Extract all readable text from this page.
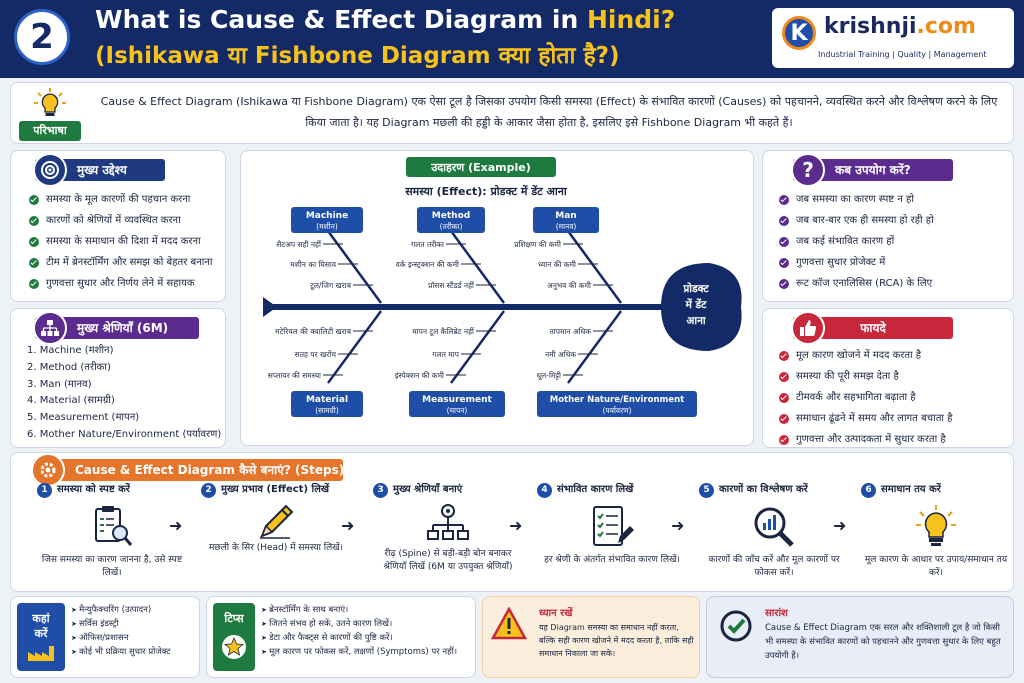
2	What is Cause & Effect Diagram in Hindi?
(Ishikawa या Fishbone Diagram क्या होता है?)
K krishnji.com
Industrial Training | Quality | Management
परिभाषा
Cause & Effect Diagram (Ishikawa या Fishbone Diagram) एक ऐसा टूल है जिसका उपयोग किसी समस्या (Effect) के संभावित कारणों (Causes) को पहचानने, व्यवस्थित करने और विश्लेषण करने के लिए किया जाता है। यह Diagram मछली की हड्डी के आकार जैसा होता है, इसलिए इसे Fishbone Diagram भी कहते हैं।
मुख्य उद्देश्य
समस्या के मूल कारणों की पहचान करना
कारणों को श्रेणियों में व्यवस्थित करना
समस्या के समाधान की दिशा में मदद करना
टीम में ब्रेनस्टॉर्मिंग और समझ को बेहतर बनाना
गुणवत्ता सुधार और निर्णय लेने में सहायक
मुख्य श्रेणियाँ (6M)
1. Machine (मशीन)
2. Method (तरीका)
3. Man (मानव)
4. Material (सामग्री)
5. Measurement (मापन)
6. Mother Nature/Environment (पर्यावरण)
उदाहरण (Example)
समस्या (Effect): प्रोडक्ट में डेंट आना
प्रोडक्ट
में डेंट
आना
Machine
(मशीन)
Method
(तरीका)
Man
(मानव)
Material
(सामग्री)
Measurement
(मापन)
Mother Nature/Environment
(पर्यावरण)
सैटअप सही नहीं
मशीन का घिसाव
टूल/जिग खराब
गलत तरीका
वर्क इन्स्ट्रक्शन की कमी
प्रॉसस स्टैंडर्ड नहीं
प्रशिक्षण की कमी
ध्यान की कमी
अनुभव की कमी
मटेरियल की क्वालिटी खराब
सतह पर खरोंच
सप्लायर की समस्या
मापन टूल कैलिब्रेट नहीं
गलत माप
इंस्पेक्शन की कमी
तापमान अधिक
नमी अधिक
धूल-मिट्टी
?	कब उपयोग करें?
जब समस्या का कारण स्पष्ट न हो
जब बार-बार एक ही समस्या हो रही हो
जब कई संभावित कारण हों
गुणवत्ता सुधार प्रोजेक्ट में
रूट कॉज एनालिसिस (RCA) के लिए
फायदे
मूल कारण खोजने में मदद करता है
समस्या की पूरी समझ देता है
टीमवर्क और सहभागिता बढ़ाता है
समाधान ढूंढने में समय और लागत बचाता है
गुणवत्ता और उत्पादकता में सुधार करता है
Cause & Effect Diagram कैसे बनाएं? (Steps)
1 समस्या को स्पष्ट करें
जिस समस्या का कारण जानना है, उसे स्पष्ट लिखें।
➜
2 मुख्य प्रभाव (Effect) लिखें
मछली के सिर (Head) में समस्या लिखें।
➜
3 मुख्य श्रेणियाँ बनाएं
रीढ़ (Spine) से बड़ी-बड़ी बोन बनाकर श्रेणियाँ लिखें (6M या उपयुक्त श्रेणियाँ)
➜
4 संभावित कारण लिखें
हर श्रेणी के अंतर्गत संभावित कारण लिखें।
➜
5 कारणों का विश्लेषण करें
कारणों की जाँच करें और मूल कारणों पर फोकस करें।
➜
6 समाधान तय करें
मूल कारण के आधार पर उपाय/समाधान तय करें।
कहां
करें
➤ मैन्युफैक्चरिंग (उत्पादन)
➤ सर्विस इंडस्ट्री
➤ ऑफिस/प्रशासन
➤ कोई भी प्रक्रिया सुधार प्रोजेक्ट
टिप्स
➤ ब्रेनस्टॉर्मिंग के साथ बनाएं।
➤ जितने संभव हो सकें, उतने कारण लिखें।
➤ डेटा और फैक्ट्स से कारणों की पुष्टि करें।
➤ मूल कारण पर फोकस करें, लक्षणों (Symptoms) पर नहीं।
ध्यान रखें
यह Diagram समस्या का समाधान नहीं करता, बल्कि सही कारण खोजने में मदद करता है, ताकि सही समाधान निकाला जा सके।
सारांश
Cause & Effect Diagram एक सरल और शक्तिशाली टूल है जो किसी भी समस्या के संभावित कारणों को पहचानने और गुणवत्ता सुधार के लिए बहुत उपयोगी है।
